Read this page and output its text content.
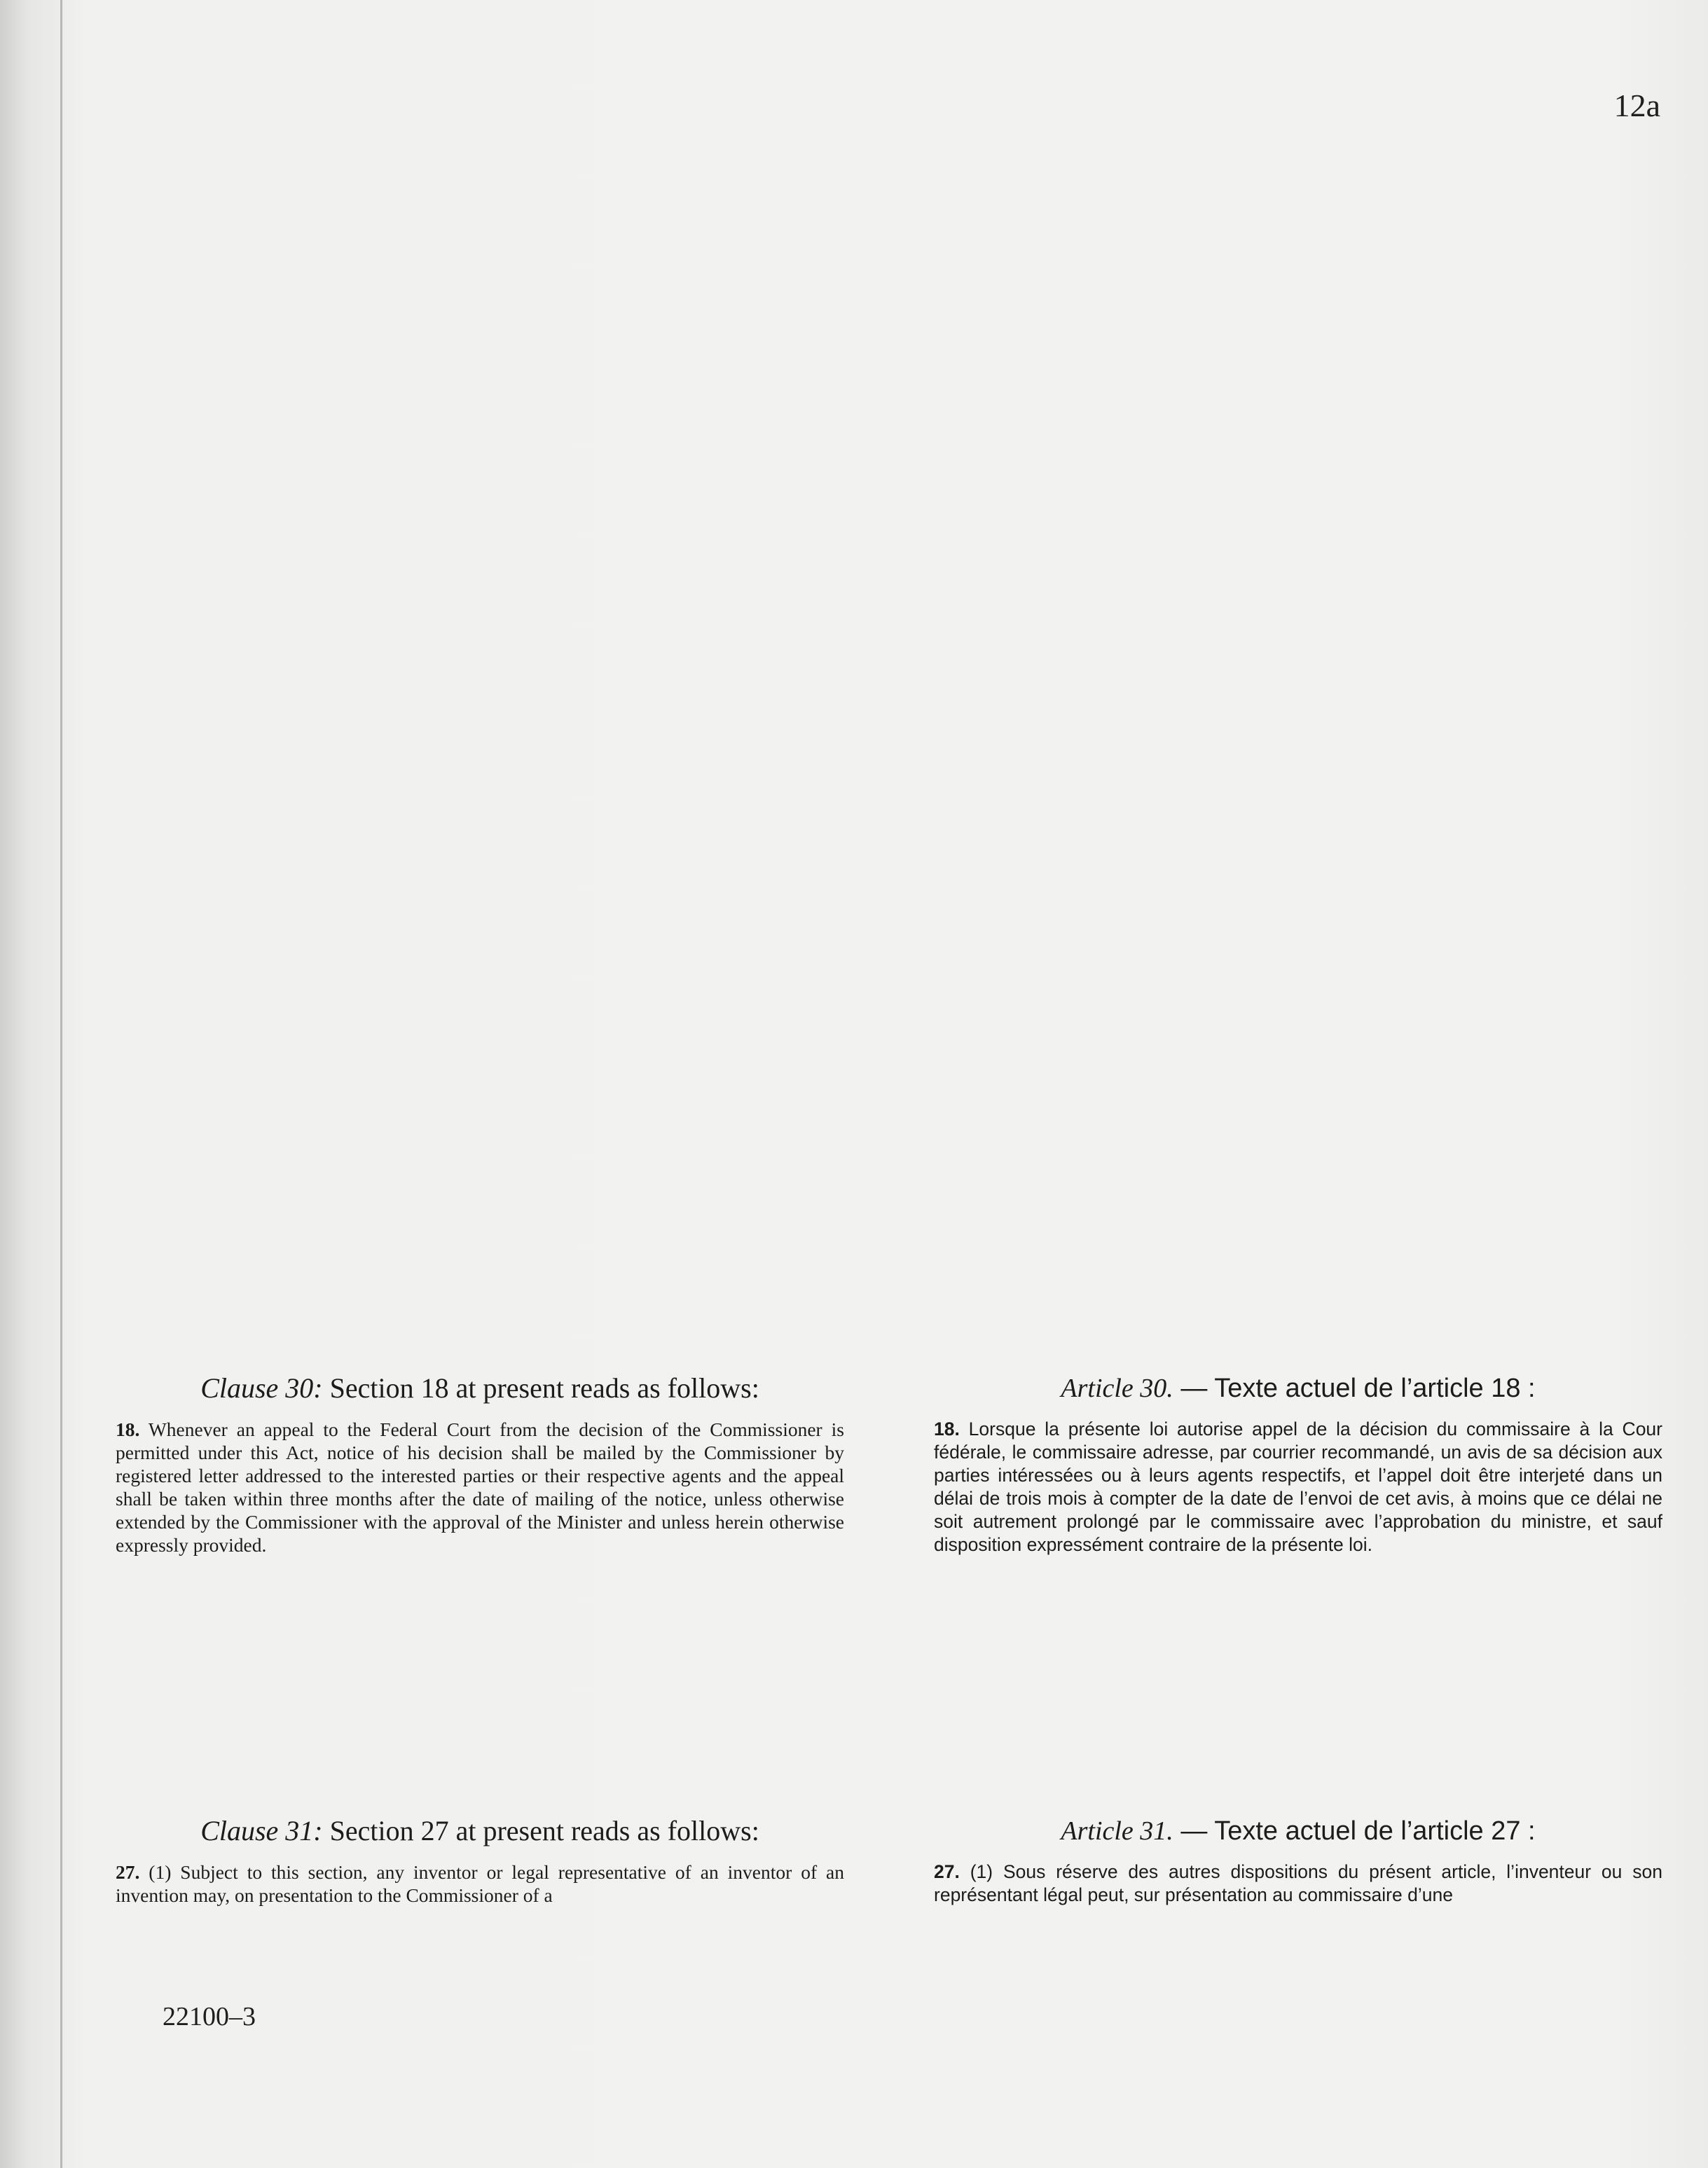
12a
Clause 30: Section 18 at present reads as follows:

18. Whenever an appeal to the Federal Court from the decision of the Commissioner is permitted under this Act, notice of his decision shall be mailed by the Commissioner by registered letter addressed to the interested parties or their respective agents and the appeal shall be taken within three months after the date of mailing of the notice, unless otherwise extended by the Commissioner with the approval of the Minister and unless herein otherwise expressly provided.

Article 30. — Texte actuel de l’article 18 :

18. Lorsque la présente loi autorise appel de la décision du commissaire à la Cour fédérale, le commissaire adresse, par courrier recommandé, un avis de sa décision aux parties intéressées ou à leurs agents respectifs, et l’appel doit être interjeté dans un délai de trois mois à compter de la date de l’envoi de cet avis, à moins que ce délai ne soit autrement prolongé par le commissaire avec l’approbation du ministre, et sauf disposition expressément contraire de la présente loi.

Clause 31: Section 27 at present reads as follows:

27. (1) Subject to this section, any inventor or legal representative of an inventor of an invention may, on presentation to the Commissioner of a

Article 31. — Texte actuel de l’article 27 :

27. (1) Sous réserve des autres dispositions du présent article, l’inventeur ou son représentant légal peut, sur présentation au commissaire d’une

22100–3
